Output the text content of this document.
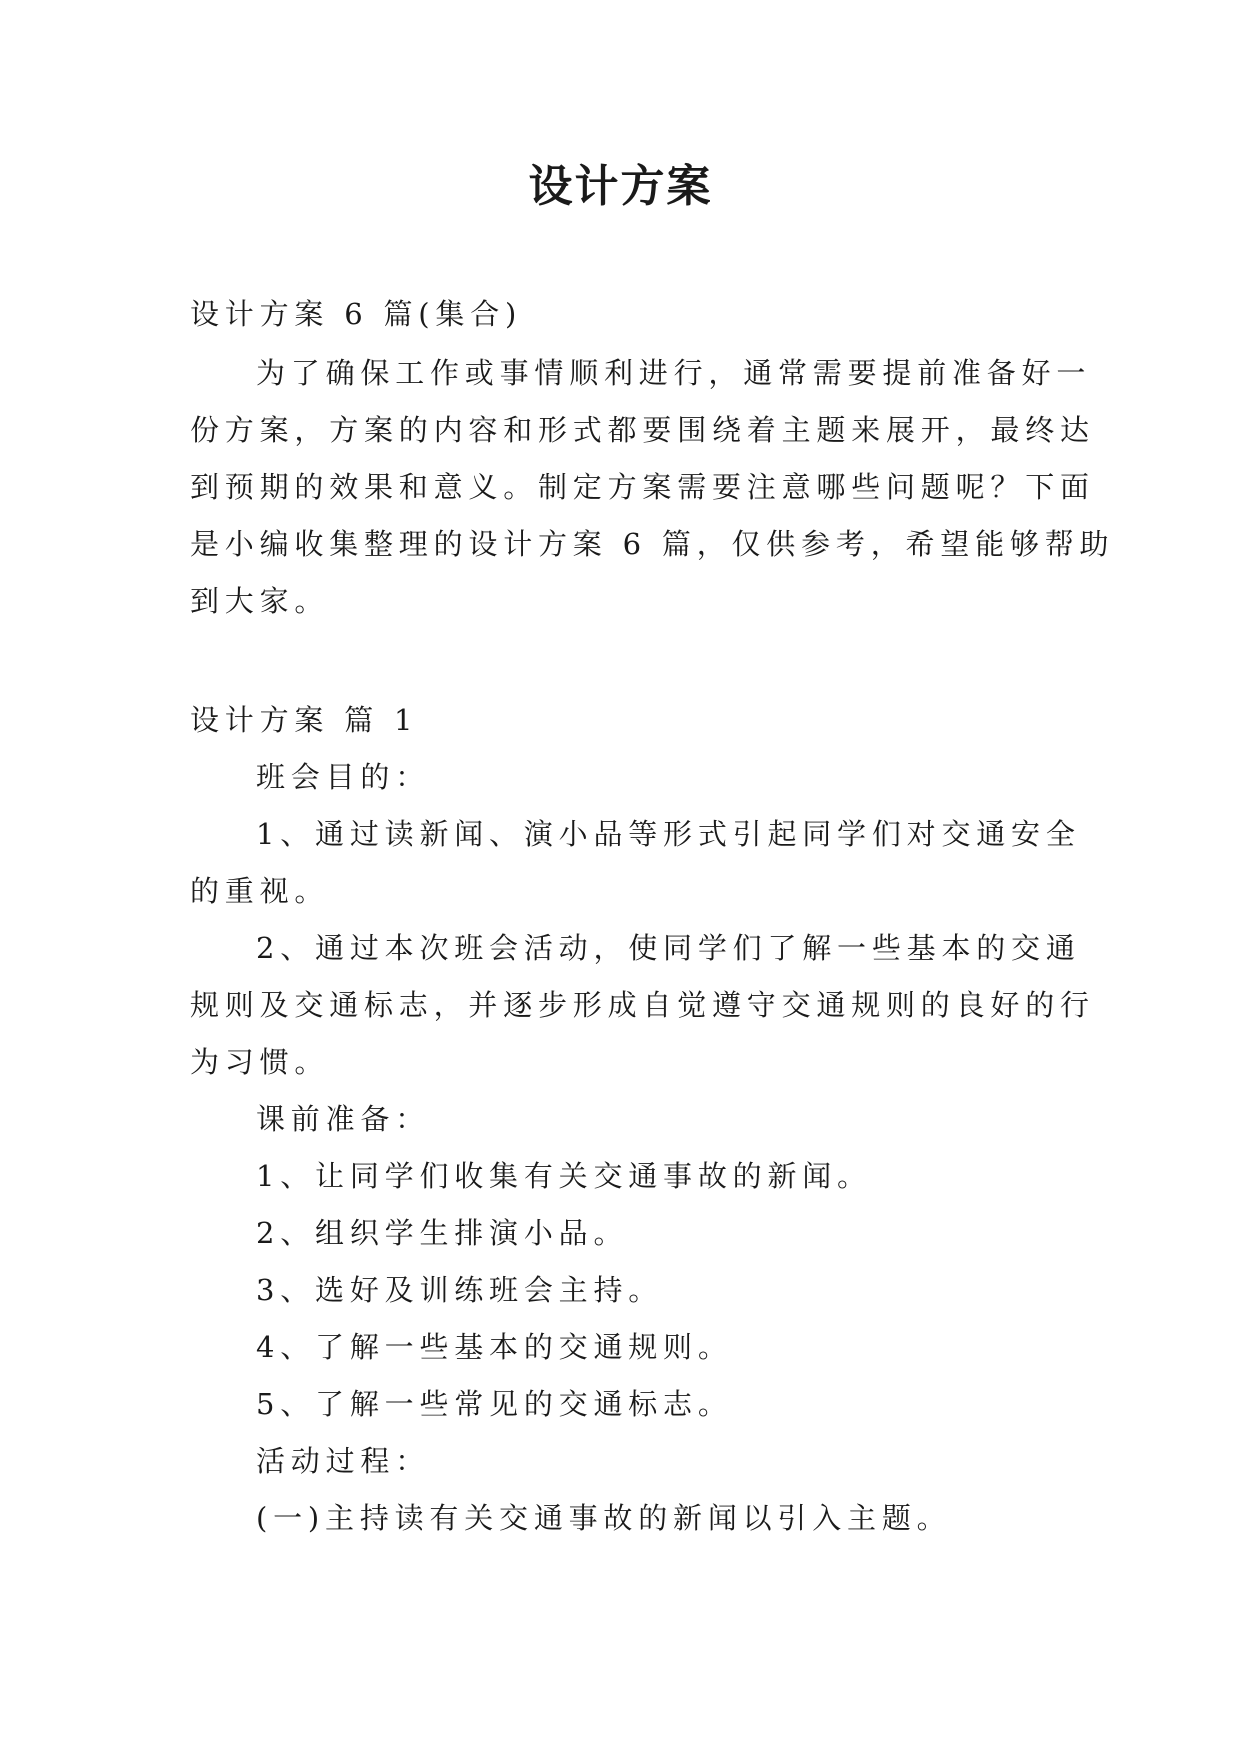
设计方案
设计方案 6 篇(集合)
为了确保工作或事情顺利进行，通常需要提前准备好一
份方案，方案的内容和形式都要围绕着主题来展开，最终达
到预期的效果和意义。制定方案需要注意哪些问题呢？下面
是小编收集整理的设计方案 6 篇，仅供参考，希望能够帮助
到大家。
设计方案 篇 1
班会目的：
1、通过读新闻、演小品等形式引起同学们对交通安全
的重视。
2、通过本次班会活动，使同学们了解一些基本的交通
规则及交通标志，并逐步形成自觉遵守交通规则的良好的行
为习惯。
课前准备：
1、让同学们收集有关交通事故的新闻。
2、组织学生排演小品。
3、选好及训练班会主持。
4、了解一些基本的交通规则。
5、了解一些常见的交通标志。
活动过程：
(一)主持读有关交通事故的新闻以引入主题。
